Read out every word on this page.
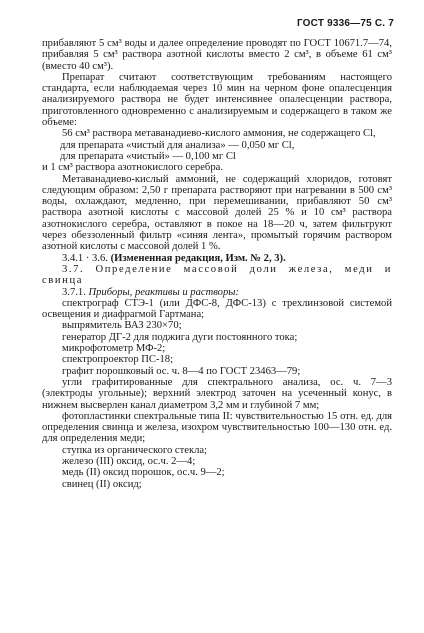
ГОСТ 9336—75 С. 7

прибавляют 5 см³ воды и далее определение проводят по ГОСТ 10671.7—74, прибавляя 5 см³ раствора азотной кислоты вместо 2 см³, в объеме 61 см³ (вместо 40 см³).

Препарат считают соответствующим требованиям настоящего стандарта, если наблюдаемая через 10 мин на черном фоне опалесценция анализируемого раствора не будет интенсивнее опалесценции раствора, приготовленного одновременно с анализируемым и содержащего в таком же объеме:

56 см³ раствора метаванадиево-кислого аммония, не содержащего Cl,

для препарата «чистый для анализа» — 0,050 мг Cl,

для препарата «чистый» — 0,100 мг Cl

и 1 см³ раствора азотнокислого серебра.

Метаванадиево-кислый аммоний, не содержащий хлоридов, готовят следующим образом: 2,50 г препарата растворяют при нагревании в 500 см³ воды, охлаждают, медленно, при перемешивании, прибавляют 50 см³ раствора азотной кислоты с массовой долей 25 % и 10 см³ раствора азотнокислого серебра, оставляют в покое на 18—20 ч, затем фильтруют через обеззоленный фильтр «синяя лента», промытый горячим раствором азотной кислоты с массовой долей 1 %.

3.4.1 · 3.6. (Измененная редакция, Изм. № 2, 3).

3.7. Определение массовой доли железа, меди и свинца

3.7.1. Приборы, реактивы и растворы:

спектрограф СТЭ-1 (или ДФС-8, ДФС-13) с трехлинзовой системой освещения и диафрагмой Гартмана;

выпрямитель ВАЗ 230×70;

генератор ДГ-2 для поджига дуги постоянного тока;

микрофотометр МФ-2;

спектропроектор ПС-18;

графит порошковый ос. ч. 8—4 по ГОСТ 23463—79;

угли графитированные для спектрального анализа, ос. ч. 7—3 (электроды угольные); верхний электрод заточен на усеченный конус, в нижнем высверлен канал диаметром 3,2 мм и глубиной 7 мм;

фотопластинки спектральные типа II: чувствительностью 15 отн. ед. для определения свинца и железа, изохром чувствительностью 100—130 отн. ед. для определения меди;

ступка из органического стекла;

железо (III) оксид, ос.ч. 2—4;

медь (II) оксид порошок, ос.ч. 9—2;

свинец (II) оксид;
